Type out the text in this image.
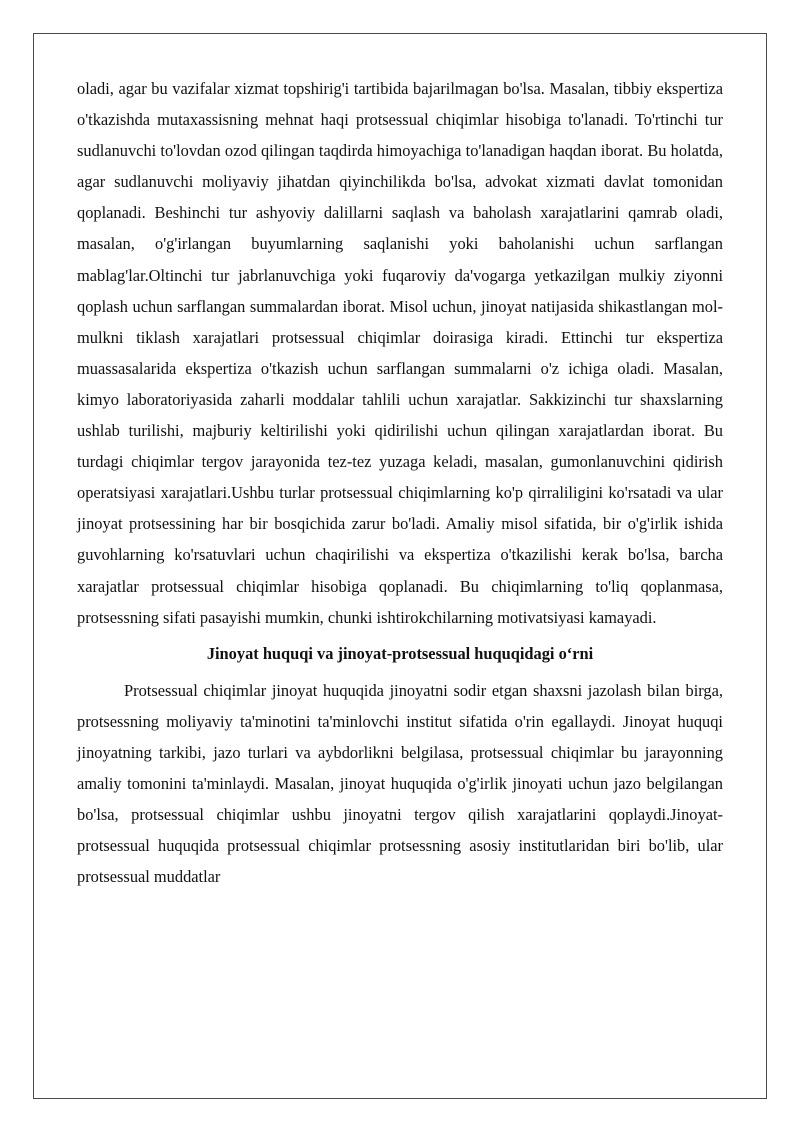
oladi, agar bu vazifalar xizmat topshirig'i tartibida bajarilmagan bo'lsa. Masalan, tibbiy ekspertiza o'tkazishda mutaxassisning mehnat haqi protsessual chiqimlar hisobiga to'lanadi. To'rtinchi tur sudlanuvchi to'lovdan ozod qilingan taqdirda himoyachiga to'lanadigan haqdan iborat. Bu holatda, agar sudlanuvchi moliyaviy jihatdan qiyinchilikda bo'lsa, advokat xizmati davlat tomonidan qoplanadi. Beshinchi tur ashyoviy dalillarni saqlash va baholash xarajatlarini qamrab oladi, masalan, o'g'irlangan buyumlarning saqlanishi yoki baholanishi uchun sarflangan mablag'lar.Oltinchi tur jabrlanuvchiga yoki fuqaroviy da'vogarga yetkazilgan mulkiy ziyonni qoplash uchun sarflangan summalardan iborat. Misol uchun, jinoyat natijasida shikastlangan mol-mulkni tiklash xarajatlari protsessual chiqimlar doirasiga kiradi. Ettinchi tur ekspertiza muassasalarida ekspertiza o'tkazish uchun sarflangan summalarni o'z ichiga oladi. Masalan, kimyo laboratoriyasida zaharli moddalar tahlili uchun xarajatlar. Sakkizinchi tur shaxslarning ushlab turilishi, majburiy keltirilishi yoki qidirilishi uchun qilingan xarajatlardan iborat. Bu turdagi chiqimlar tergov jarayonida tez-tez yuzaga keladi, masalan, gumonlanuvchini qidirish operatsiyasi xarajatlari.Ushbu turlar protsessual chiqimlarning ko'p qirraliligini ko'rsatadi va ular jinoyat protsessining har bir bosqichida zarur bo'ladi. Amaliy misol sifatida, bir o'g'irlik ishida guvohlarning ko'rsatuvlari uchun chaqirilishi va ekspertiza o'tkazilishi kerak bo'lsa, barcha xarajatlar protsessual chiqimlar hisobiga qoplanadi. Bu chiqimlarning to'liq qoplanmasa, protsessning sifati pasayishi mumkin, chunki ishtirokchilarning motivatsiyasi kamayadi.

Jinoyat huquqi va jinoyat-protsessual huquqidagi o‘rni

Protsessual chiqimlar jinoyat huquqida jinoyatni sodir etgan shaxsni jazolash bilan birga, protsessning moliyaviy ta'minotini ta'minlovchi institut sifatida o'rin egallaydi. Jinoyat huquqi jinoyatning tarkibi, jazo turlari va aybdorlikni belgilasa, protsessual chiqimlar bu jarayonning amaliy tomonini ta'minlaydi. Masalan, jinoyat huquqida o'g'irlik jinoyati uchun jazo belgilangan bo'lsa, protsessual chiqimlar ushbu jinoyatni tergov qilish xarajatlarini qoplaydi.Jinoyat-protsessual huquqida protsessual chiqimlar protsessning asosiy institutlaridan biri bo'lib, ular protsessual muddatlar
